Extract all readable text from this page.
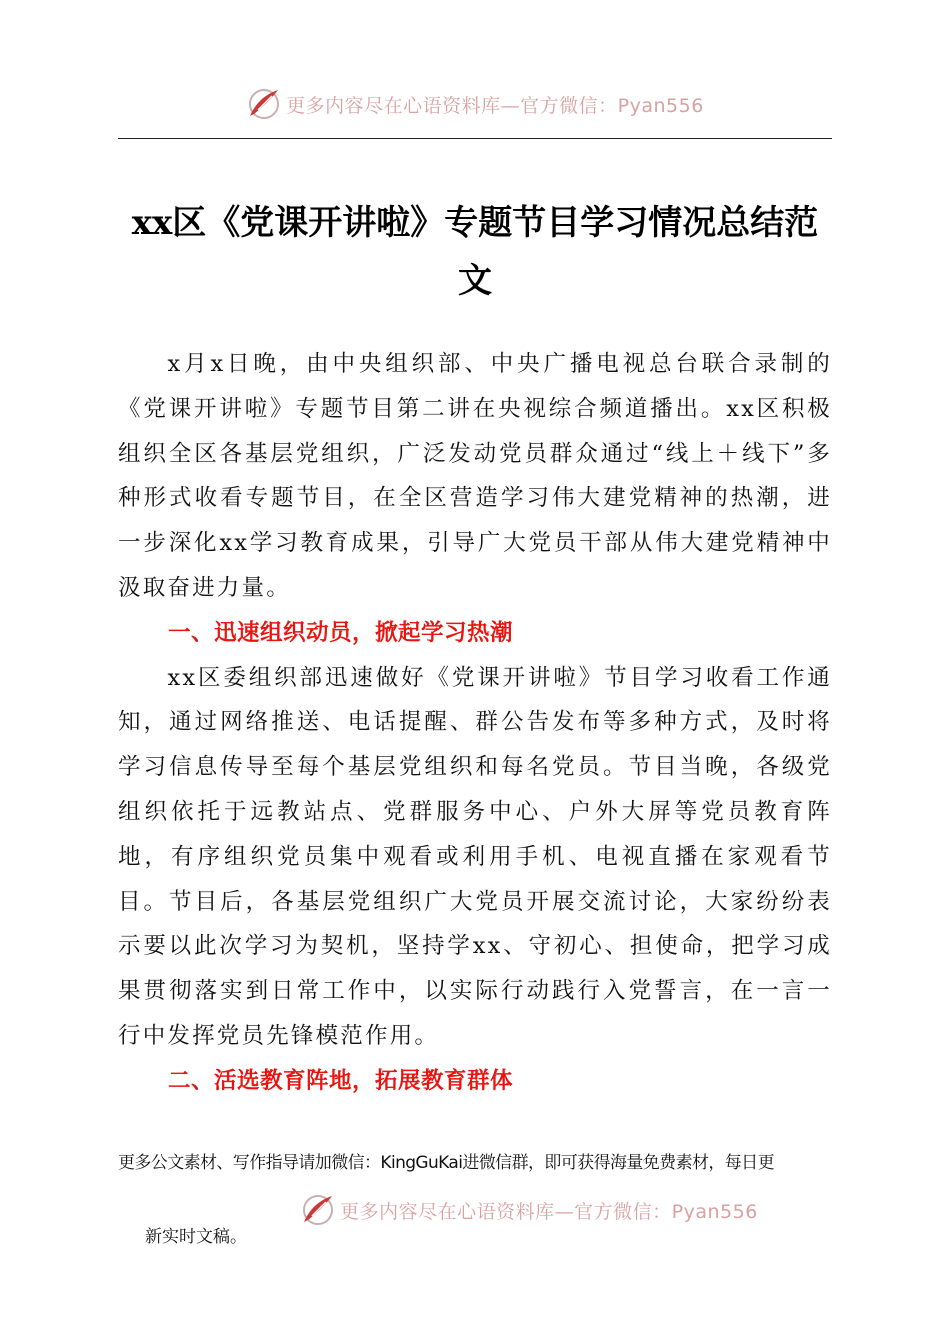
更多内容尽在心语资料库—官方微信：Pyan556
xx区《党课开讲啦》专题节目学习情况总结范文

x月x日晚，由中央组织部、中央广播电视总台联合录制的《党课开讲啦》专题节目第二讲在央视综合频道播出。xx区积极组织全区各基层党组织，广泛发动党员群众通过“线上＋线下”多种形式收看专题节目，在全区营造学习伟大建党精神的热潮，进一步深化xx学习教育成果，引导广大党员干部从伟大建党精神中汲取奋进力量。

一、迅速组织动员，掀起学习热潮

xx区委组织部迅速做好《党课开讲啦》节目学习收看工作通知，通过网络推送、电话提醒、群公告发布等多种方式，及时将学习信息传导至每个基层党组织和每名党员。节目当晚，各级党组织依托于远教站点、党群服务中心、户外大屏等党员教育阵地，有序组织党员集中观看或利用手机、电视直播在家观看节目。节目后，各基层党组织广大党员开展交流讨论，大家纷纷表示要以此次学习为契机，坚持学xx、守初心、担使命，把学习成果贯彻落实到日常工作中，以实际行动践行入党誓言，在一言一行中发挥党员先锋模范作用。

二、活选教育阵地，拓展教育群体

更多公文素材、写作指导请加微信：KingGuKai进微信群，即可获得海量免费素材，每日更
更多内容尽在心语资料库—官方微信：Pyan556
新实时文稿。
